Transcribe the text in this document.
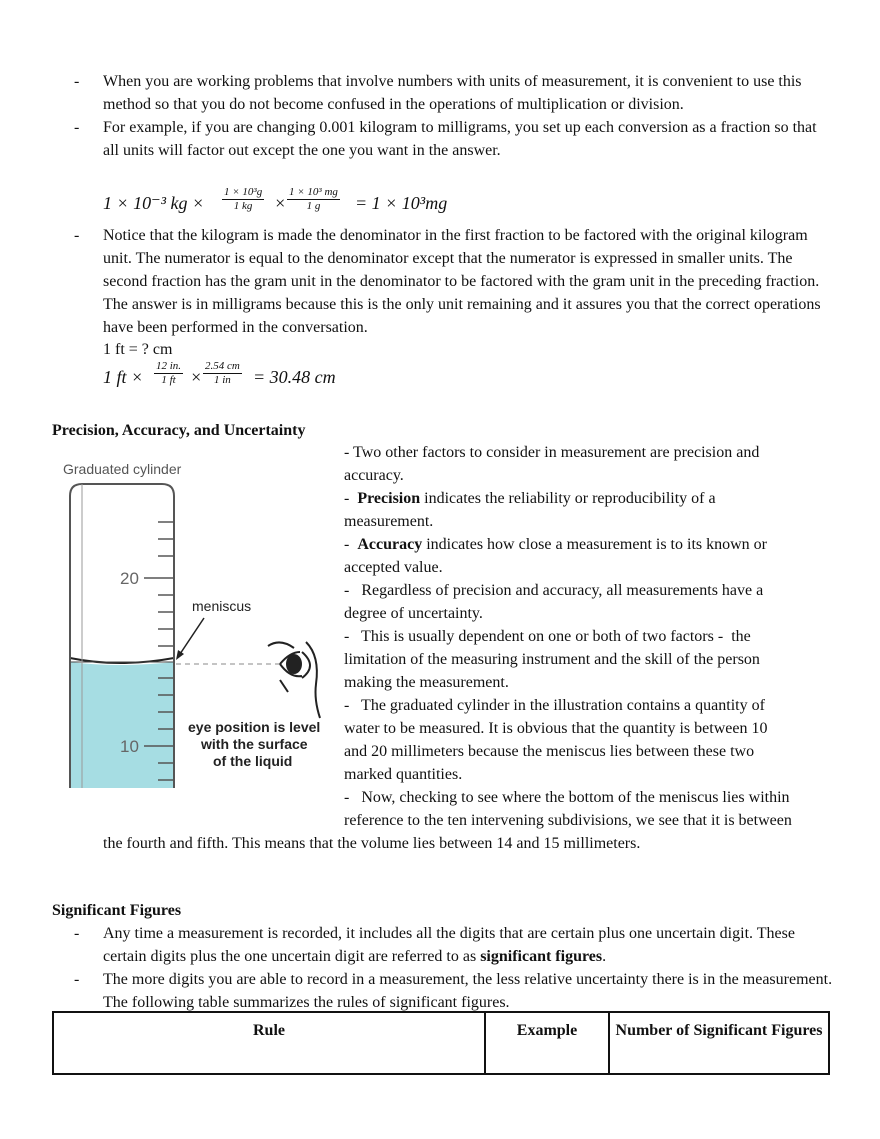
- When you are working problems that involve numbers with units of measurement, it is convenient to use this method so that you do not become confused in the operations of multiplication or division.
- For example, if you are changing 0.001 kilogram to milligrams, you set up each conversion as a fraction so that all units will factor out except the one you want in the answer.
1 × 10⁻³ kg × $\frac{\text{1 × 10³g}}{1 kg} \times \frac{\text{1 × 10³ mg}}{1 g} = 1 \times 10^3mg$
- Notice that the kilogram is made the denominator in the first fraction to be factored with the original kilogram unit. The numerator is equal to the denominator except that the numerator is expressed in smaller units. The second fraction has the gram unit in the denominator to be factored with the gram unit in the preceding fraction. The answer is in milligrams because this is the only unit remaining and it assures you that the correct operations have been performed in the conversation.
1 ft = ? cm
1 ft × $\frac{12 in.}{1 ft} \times \frac{2.54 cm}{1 in} = 30.48$ cm
Precision, Accuracy, and Uncertainty
Graduated cylinder
20
10
meniscus
eye position is level
with the surface
of the liquid
- Two other factors to consider in measurement are precision and
accuracy.
-  Precision indicates the reliability or reproducibility of a
measurement.
-  Accuracy indicates how close a measurement is to its known or
accepted value.
-   Regardless of precision and accuracy, all measurements have a
degree of uncertainty.
-   This is usually dependent on one or both of two factors -  the
limitation of the measuring instrument and the skill of the person
making the measurement.
-   The graduated cylinder in the illustration contains a quantity of
water to be measured. It is obvious that the quantity is between 10
and 20 millimeters because the meniscus lies between these two
marked quantities.
-   Now, checking to see where the bottom of the meniscus lies within
reference to the ten intervening subdivisions, we see that it is between
the fourth and fifth. This means that the volume lies between 14 and 15 millimeters.
Significant Figures
- Any time a measurement is recorded, it includes all the digits that are certain plus one uncertain digit. These certain digits plus the one uncertain digit are referred to as significant figures.
- The more digits you are able to record in a measurement, the less relative uncertainty there is in the measurement. The following table summarizes the rules of significant figures.
Rule	Example	Number of Significant Figures
